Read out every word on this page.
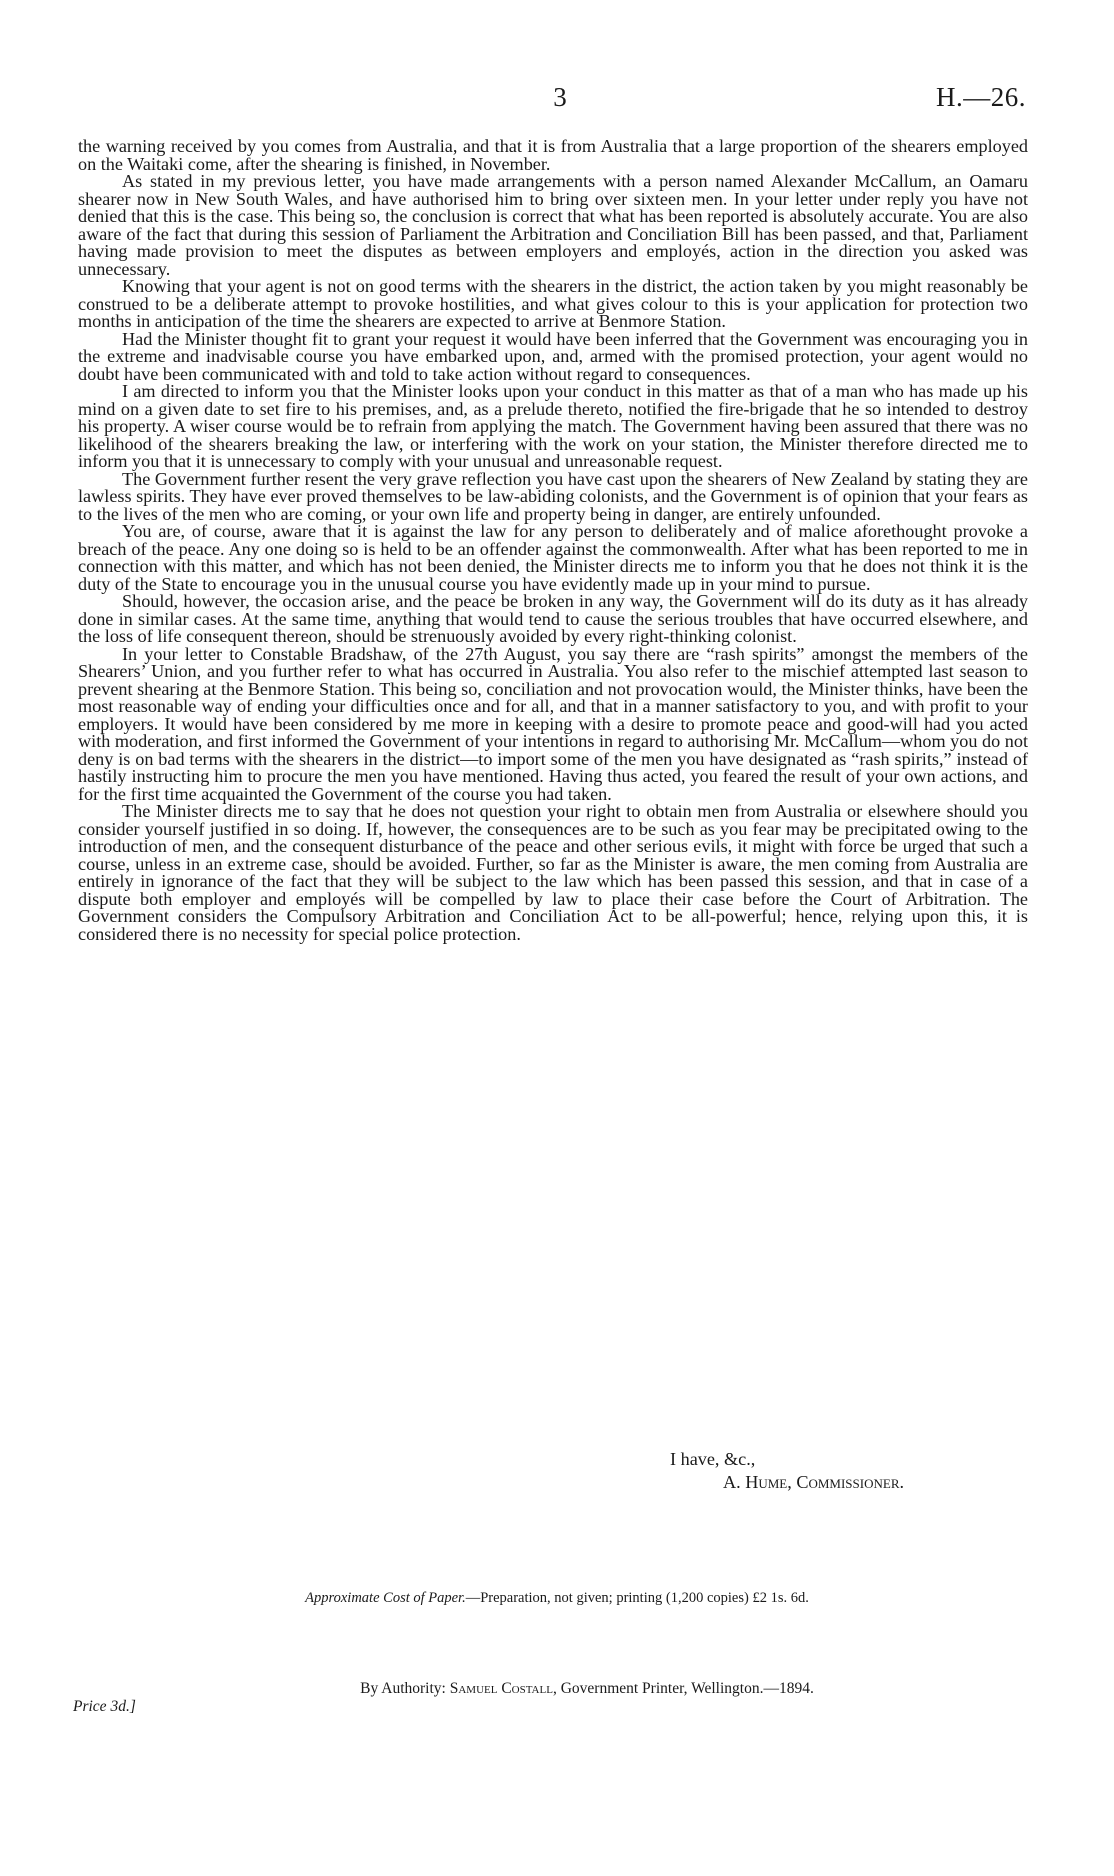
3	H.—26.

the warning received by you comes from Australia, and that it is from Australia that a large proportion of the shearers employed on the Waitaki come, after the shearing is finished, in November.

As stated in my previous letter, you have made arrangements with a person named Alexander McCallum, an Oamaru shearer now in New South Wales, and have authorised him to bring over sixteen men. In your letter under reply you have not denied that this is the case. This being so, the conclusion is correct that what has been reported is absolutely accurate. You are also aware of the fact that during this session of Parliament the Arbitration and Conciliation Bill has been passed, and that, Parliament having made provision to meet the disputes as between employers and employés, action in the direction you asked was unnecessary.

Knowing that your agent is not on good terms with the shearers in the district, the action taken by you might reasonably be construed to be a deliberate attempt to provoke hostilities, and what gives colour to this is your application for protection two months in anticipation of the time the shearers are expected to arrive at Benmore Station.

Had the Minister thought fit to grant your request it would have been inferred that the Government was encouraging you in the extreme and inadvisable course you have embarked upon, and, armed with the promised protection, your agent would no doubt have been communicated with and told to take action without regard to consequences.

I am directed to inform you that the Minister looks upon your conduct in this matter as that of a man who has made up his mind on a given date to set fire to his premises, and, as a prelude thereto, notified the fire-brigade that he so intended to destroy his property. A wiser course would be to refrain from applying the match. The Government having been assured that there was no likelihood of the shearers breaking the law, or interfering with the work on your station, the Minister therefore directed me to inform you that it is unnecessary to comply with your unusual and unreasonable request.

The Government further resent the very grave reflection you have cast upon the shearers of New Zealand by stating they are lawless spirits. They have ever proved themselves to be law-abiding colonists, and the Government is of opinion that your fears as to the lives of the men who are coming, or your own life and property being in danger, are entirely unfounded.

You are, of course, aware that it is against the law for any person to deliberately and of malice aforethought provoke a breach of the peace. Any one doing so is held to be an offender against the commonwealth. After what has been reported to me in connection with this matter, and which has not been denied, the Minister directs me to inform you that he does not think it is the duty of the State to encourage you in the unusual course you have evidently made up in your mind to pursue.

Should, however, the occasion arise, and the peace be broken in any way, the Government will do its duty as it has already done in similar cases. At the same time, anything that would tend to cause the serious troubles that have occurred elsewhere, and the loss of life consequent thereon, should be strenuously avoided by every right-thinking colonist.

In your letter to Constable Bradshaw, of the 27th August, you say there are “rash spirits” amongst the members of the Shearers’ Union, and you further refer to what has occurred in Australia. You also refer to the mischief attempted last season to prevent shearing at the Benmore Station. This being so, conciliation and not provocation would, the Minister thinks, have been the most reasonable way of ending your difficulties once and for all, and that in a manner satisfactory to you, and with profit to your employers. It would have been considered by me more in keeping with a desire to promote peace and good-will had you acted with moderation, and first informed the Government of your intentions in regard to authorising Mr. McCallum—whom you do not deny is on bad terms with the shearers in the district—to import some of the men you have designated as “rash spirits,” instead of hastily instructing him to procure the men you have mentioned. Having thus acted, you feared the result of your own actions, and for the first time acquainted the Government of the course you had taken.

The Minister directs me to say that he does not question your right to obtain men from Australia or elsewhere should you consider yourself justified in so doing. If, however, the consequences are to be such as you fear may be precipitated owing to the introduction of men, and the consequent disturbance of the peace and other serious evils, it might with force be urged that such a course, unless in an extreme case, should be avoided. Further, so far as the Minister is aware, the men coming from Australia are entirely in ignorance of the fact that they will be subject to the law which has been passed this session, and that in case of a dispute both employer and employés will be compelled by law to place their case before the Court of Arbitration. The Government considers the Compulsory Arbitration and Conciliation Act to be all-powerful; hence, relying upon this, it is considered there is no necessity for special police protection.

I have, &c.,
A. Hume, Commissioner.
Approximate Cost of Paper.—Preparation, not given; printing (1,200 copies) £2 1s. 6d.
By Authority: Samuel Costall, Government Printer, Wellington.—1894.
Price 3d.]
